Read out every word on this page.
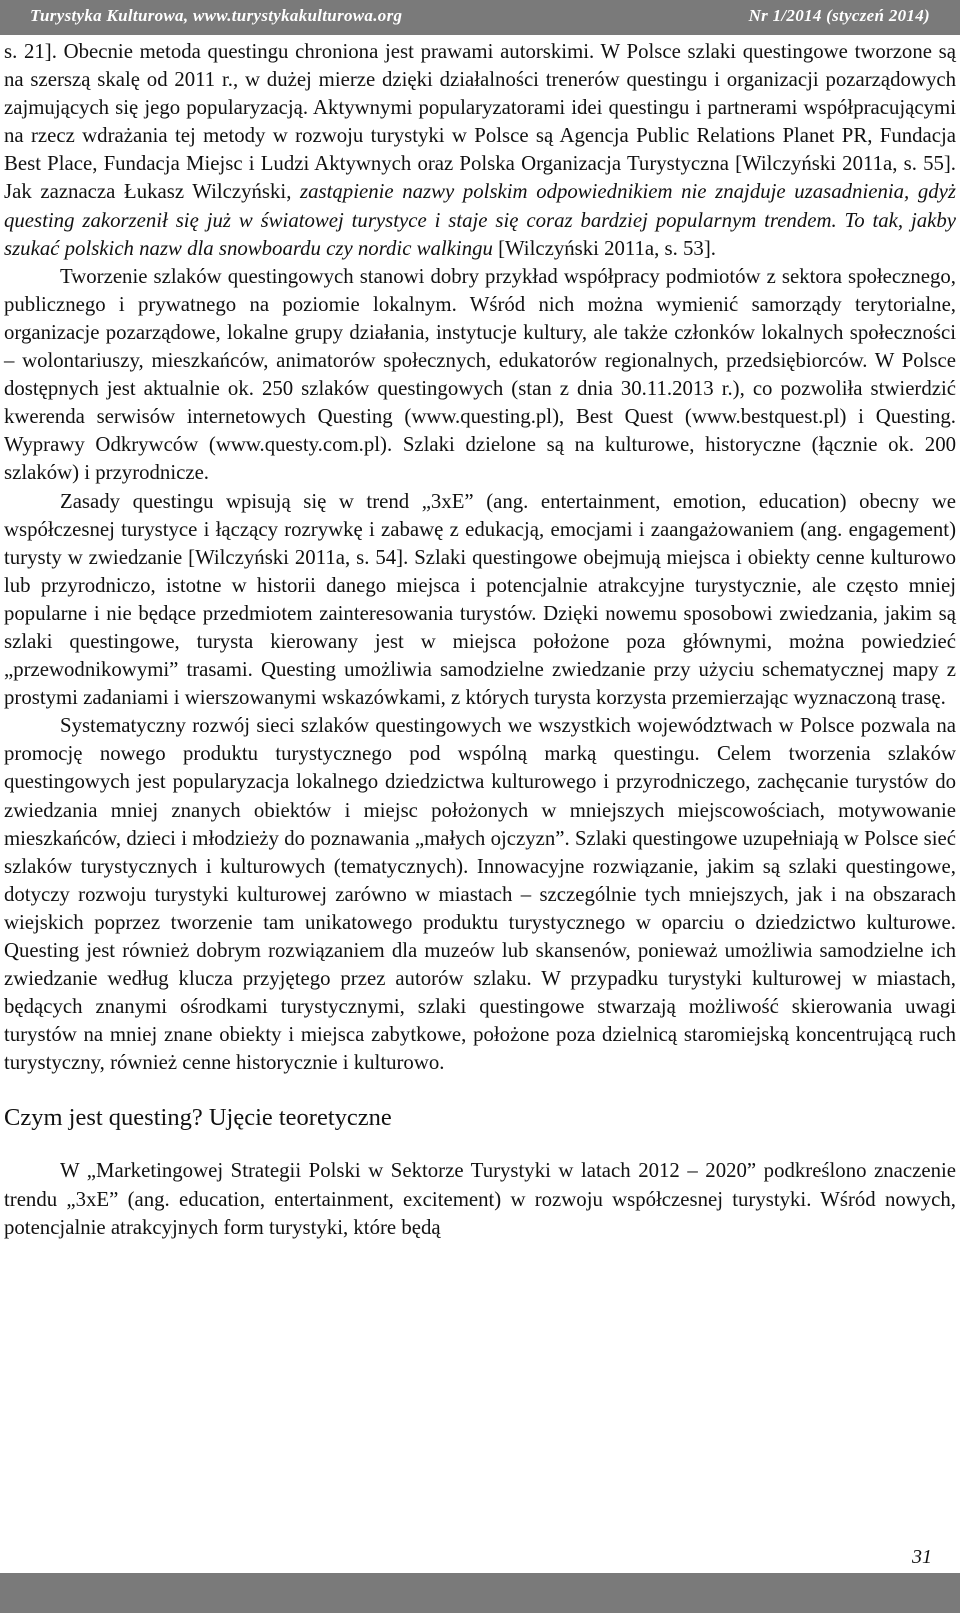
Turystyka Kulturowa, www.turystykakulturowa.org	Nr 1/2014 (styczeń 2014)

s. 21]. Obecnie metoda questingu chroniona jest prawami autorskimi. W Polsce szlaki questingowe tworzone są na szerszą skalę od 2011 r., w dużej mierze dzięki działalności trenerów questingu i organizacji pozarządowych zajmujących się jego popularyzacją. Aktywnymi popularyzatorami idei questingu i partnerami współpracującymi na rzecz wdrażania tej metody w rozwoju turystyki w Polsce są Agencja Public Relations Planet PR, Fundacja Best Place, Fundacja Miejsc i Ludzi Aktywnych oraz Polska Organizacja Turystyczna [Wilczyński 2011a, s. 55]. Jak zaznacza Łukasz Wilczyński, zastąpienie nazwy polskim odpowiednikiem nie znajduje uzasadnienia, gdyż questing zakorzenił się już w światowej turystyce i staje się coraz bardziej popularnym trendem. To tak, jakby szukać polskich nazw dla snowboardu czy nordic walkingu [Wilczyński 2011a, s. 53].

Tworzenie szlaków questingowych stanowi dobry przykład współpracy podmiotów z sektora społecznego, publicznego i prywatnego na poziomie lokalnym. Wśród nich można wymienić samorządy terytorialne, organizacje pozarządowe, lokalne grupy działania, instytucje kultury, ale także członków lokalnych społeczności – wolontariuszy, mieszkańców, animatorów społecznych, edukatorów regionalnych, przedsiębiorców. W Polsce dostępnych jest aktualnie ok. 250 szlaków questingowych (stan z dnia 30.11.2013 r.), co pozwoliła stwierdzić kwerenda serwisów internetowych Questing (www.questing.pl), Best Quest (www.bestquest.pl) i Questing. Wyprawy Odkrywców (www.questy.com.pl). Szlaki dzielone są na kulturowe, historyczne (łącznie ok. 200 szlaków) i przyrodnicze.

Zasady questingu wpisują się w trend „3xE” (ang. entertainment, emotion, education) obecny we współczesnej turystyce i łączący rozrywkę i zabawę z edukacją, emocjami i zaangażowaniem (ang. engagement) turysty w zwiedzanie [Wilczyński 2011a, s. 54]. Szlaki questingowe obejmują miejsca i obiekty cenne kulturowo lub przyrodniczo, istotne w historii danego miejsca i potencjalnie atrakcyjne turystycznie, ale często mniej popularne i nie będące przedmiotem zainteresowania turystów. Dzięki nowemu sposobowi zwiedzania, jakim są szlaki questingowe, turysta kierowany jest w miejsca położone poza głównymi, można powiedzieć „przewodnikowymi” trasami. Questing umożliwia samodzielne zwiedzanie przy użyciu schematycznej mapy z prostymi zadaniami i wierszowanymi wskazówkami, z których turysta korzysta przemierzając wyznaczoną trasę.

Systematyczny rozwój sieci szlaków questingowych we wszystkich województwach w Polsce pozwala na promocję nowego produktu turystycznego pod wspólną marką questingu. Celem tworzenia szlaków questingowych jest popularyzacja lokalnego dziedzictwa kulturowego i przyrodniczego, zachęcanie turystów do zwiedzania mniej znanych obiektów i miejsc położonych w mniejszych miejscowościach, motywowanie mieszkańców, dzieci i młodzieży do poznawania „małych ojczyzn”. Szlaki questingowe uzupełniają w Polsce sieć szlaków turystycznych i kulturowych (tematycznych). Innowacyjne rozwiązanie, jakim są szlaki questingowe, dotyczy rozwoju turystyki kulturowej zarówno w miastach – szczególnie tych mniejszych, jak i na obszarach wiejskich poprzez tworzenie tam unikatowego produktu turystycznego w oparciu o dziedzictwo kulturowe. Questing jest również dobrym rozwiązaniem dla muzeów lub skansenów, ponieważ umożliwia samodzielne ich zwiedzanie według klucza przyjętego przez autorów szlaku. W przypadku turystyki kulturowej w miastach, będących znanymi ośrodkami turystycznymi, szlaki questingowe stwarzają możliwość skierowania uwagi turystów na mniej znane obiekty i miejsca zabytkowe, położone poza dzielnicą staromiejską koncentrującą ruch turystyczny, również cenne historycznie i kulturowo.

Czym jest questing? Ujęcie teoretyczne

W „Marketingowej Strategii Polski w Sektorze Turystyki w latach 2012 – 2020” podkreślono znaczenie trendu „3xE” (ang. education, entertainment, excitement) w rozwoju współczesnej turystyki. Wśród nowych, potencjalnie atrakcyjnych form turystyki, które będą

31
